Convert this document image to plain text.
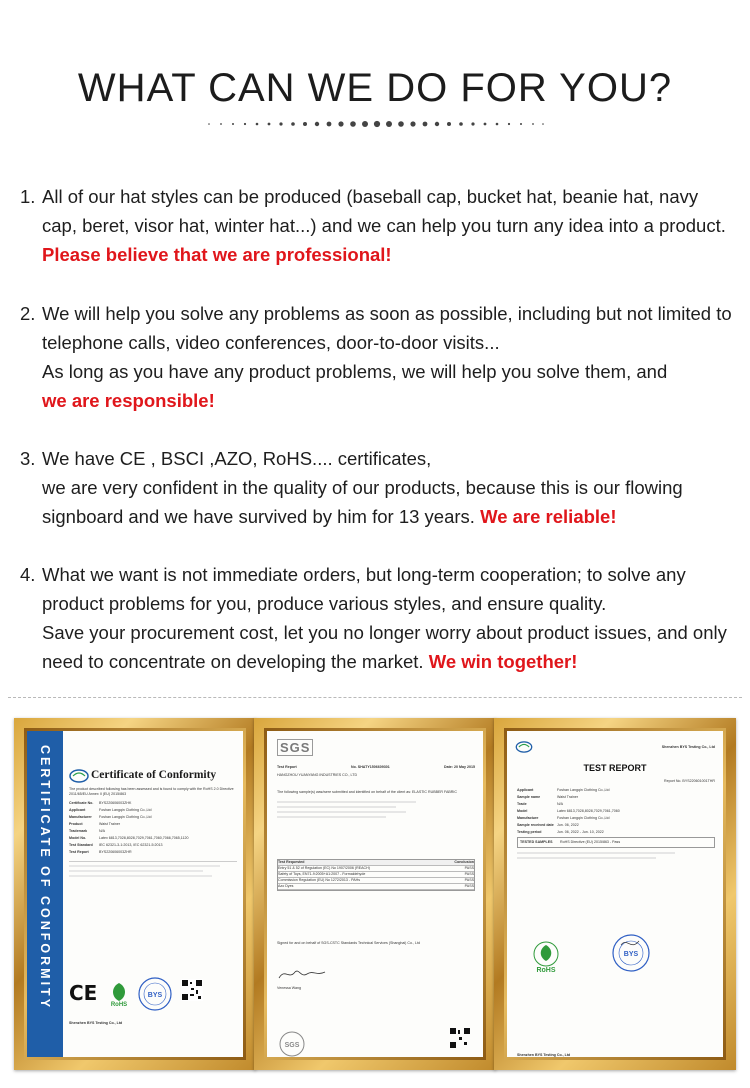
WHAT CAN WE DO FOR YOU?
1. All of our hat styles can be produced (baseball cap, bucket hat, beanie hat, navy cap, beret, visor hat, winter hat...) and we can help you turn any idea into a product. Please believe that we are professional!
2. We will help you solve any problems as soon as possible, including but not limited to telephone calls, video conferences, door-to-door visits...
As long as you have any product problems, we will help you solve them, and
we are responsible!
3. We have CE , BSCI ,AZO, RoHS.... certificates,
we are very confident in the quality of our products, because this is our flowing signboard and we have survived by him for 13 years. We are reliable!
4. What we want is not immediate orders, but long-term cooperation; to solve any product problems for you, produce various styles, and ensure quality.
Save your procurement cost, let you no longer worry about product issues, and only need to concentrate on developing the market. We win together!
CERTIFICATE OF CONFORMITY	Certificate of Conformity
The product described following has been assessed and is found to comply with the RoHS 2.0 Directive 2011/65/EU Annex II (EU) 2015/863
Certificate No.	BYS220606003ZHK
Applicant	Foshan Langqin Clothing Co.,Ltd
Manufacturer	Foshan Langqin Clothing Co.,Ltd
Product	Waist Trainer
Trademark	N/A
Model No.	Latex 6813,7028,8028,7029,7061,7060,7066,7065,1120
Test Standard	IEC 62321-3-1:2013, IEC 62321-5:2013
Test Report	BYS220606003ZHR
CE RoHS
BYS
Shenzhen BYS Testing Co., Ltd
SGS
Test Report	No. SHATY1506609301	Date: 20 May 2015
HANGZHOU YUANYANG INDUSTRIES CO., LTD
The following sample(s) was/were submitted and identified on behalf of the client as: ELASTIC RUBBER FABRIC
Test Requested	Conclusion
Entry 51 & 52 of Regulation (EC) No 1907/2006 (REACH)	PASS
Safety of Toys, EN71-9:2005+A1:2007 - Formaldehyde	PASS
Commission Regulation (EU) No 1272/2013 - PAHs	PASS
Azo Dyes	PASS
Signed for and on behalf of SGS-CSTC Standards Technical Services (Shanghai) Co., Ltd
Venessa Wang
SGS
Shenzhen BYS Testing Co., Ltd
TEST REPORT
Report No. BYS220601001THR
Applicant	Foshan Langqin Clothing Co.,Ltd
Sample name	Waist Trainer
Trade	N/A
Model	Latex 6813,7028,8028,7029,7061,7060
Manufacture	Foshan Langqin Clothing Co.,Ltd
Sample received date Jun. 06, 2022
Testing period	Jun. 06, 2022 - Jun. 10, 2022
TESTED SAMPLES	RoHS Directive (EU) 2015/863 - Pass
RoHS
BYS
Shenzhen BYS Testing Co., Ltd
